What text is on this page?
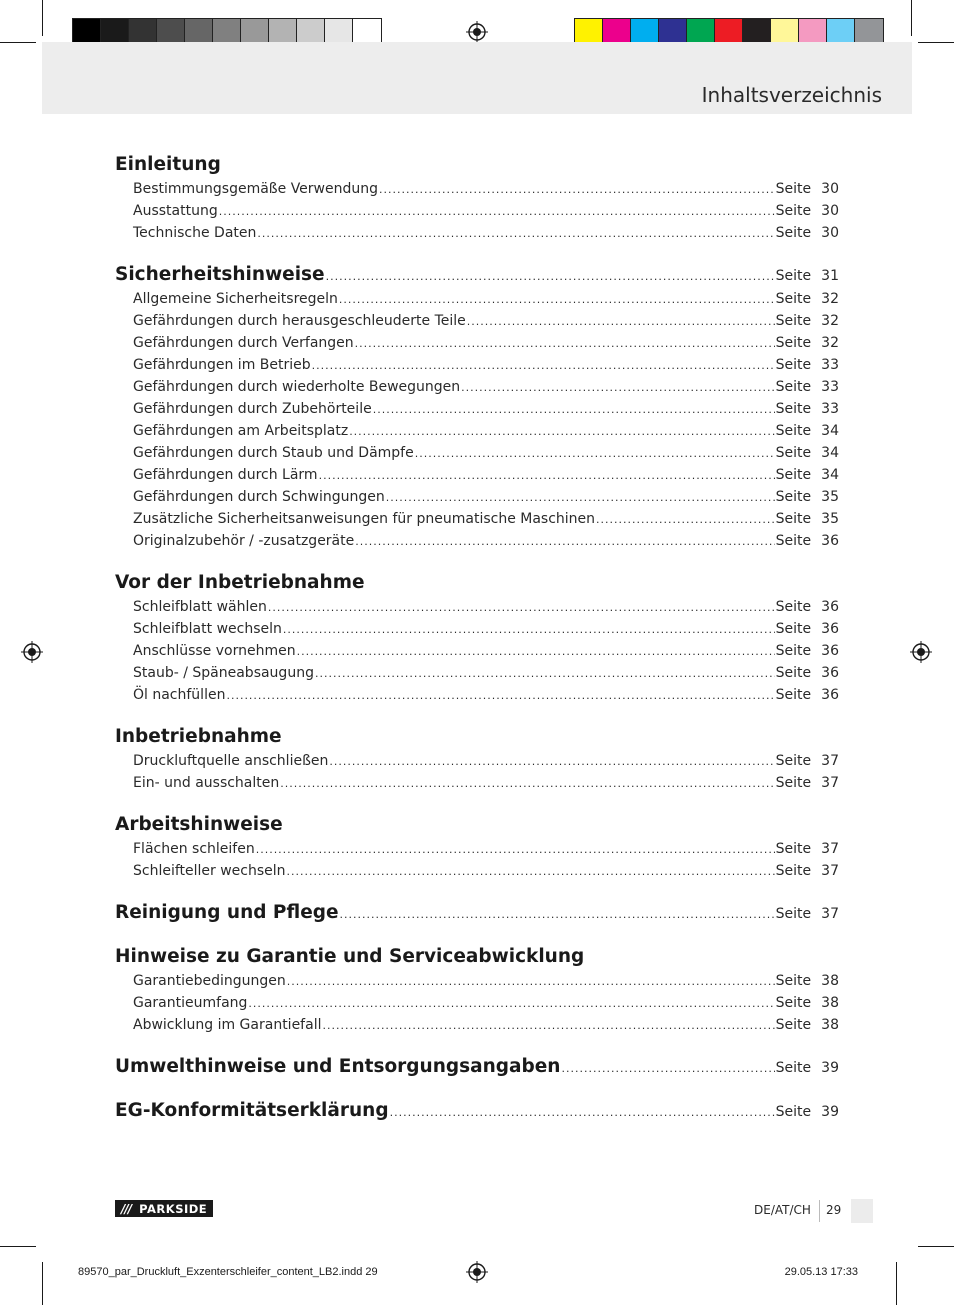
Inhaltsverzeichnis
Einleitung
Bestimmungsgemäße Verwendung .....	Seite 30
Ausstattung .....	Seite 30
Technische Daten .....	Seite 30
Sicherheitshinweise .....	Seite 31
Allgemeine Sicherheitsregeln .....	Seite 32
Gefährdungen durch herausgeschleuderte Teile .....	Seite 32
Gefährdungen durch Verfangen .....	Seite 32
Gefährdungen im Betrieb .....	Seite 33
Gefährdungen durch wiederholte Bewegungen .....	Seite 33
Gefährdungen durch Zubehörteile .....	Seite 33
Gefährdungen am Arbeitsplatz .....	Seite 34
Gefährdungen durch Staub und Dämpfe .....	Seite 34
Gefährdungen durch Lärm .....	Seite 34
Gefährdungen durch Schwingungen .....	Seite 35
Zusätzliche Sicherheitsanweisungen für pneumatische Maschinen .....	Seite 35
Originalzubehör / -zusatzgeräte .....	Seite 36
Vor der Inbetriebnahme
Schleifblatt wählen .....	Seite 36
Schleifblatt wechseln .....	Seite 36
Anschlüsse vornehmen .....	Seite 36
Staub- / Späneabsaugung .....	Seite 36
Öl nachfüllen .....	Seite 36
Inbetriebnahme
Druckluftquelle anschließen .....	Seite 37
Ein- und ausschalten .....	Seite 37
Arbeitshinweise
Flächen schleifen .....	Seite 37
Schleifteller wechseln .....	Seite 37
Reinigung und Pflege .....	Seite 37
Hinweise zu Garantie und Serviceabwicklung
Garantiebedingungen .....	Seite 38
Garantieumfang .....	Seite 38
Abwicklung im Garantiefall .....	Seite 38
Umwelthinweise und Entsorgungsangaben .....	Seite 39
EG-Konformitätserklärung .....	Seite 39
/// PARKSIDE	DE/AT/CH 29
89570_par_Druckluft_Exzenterschleifer_content_LB2.indd 29	29.05.13 17:33
